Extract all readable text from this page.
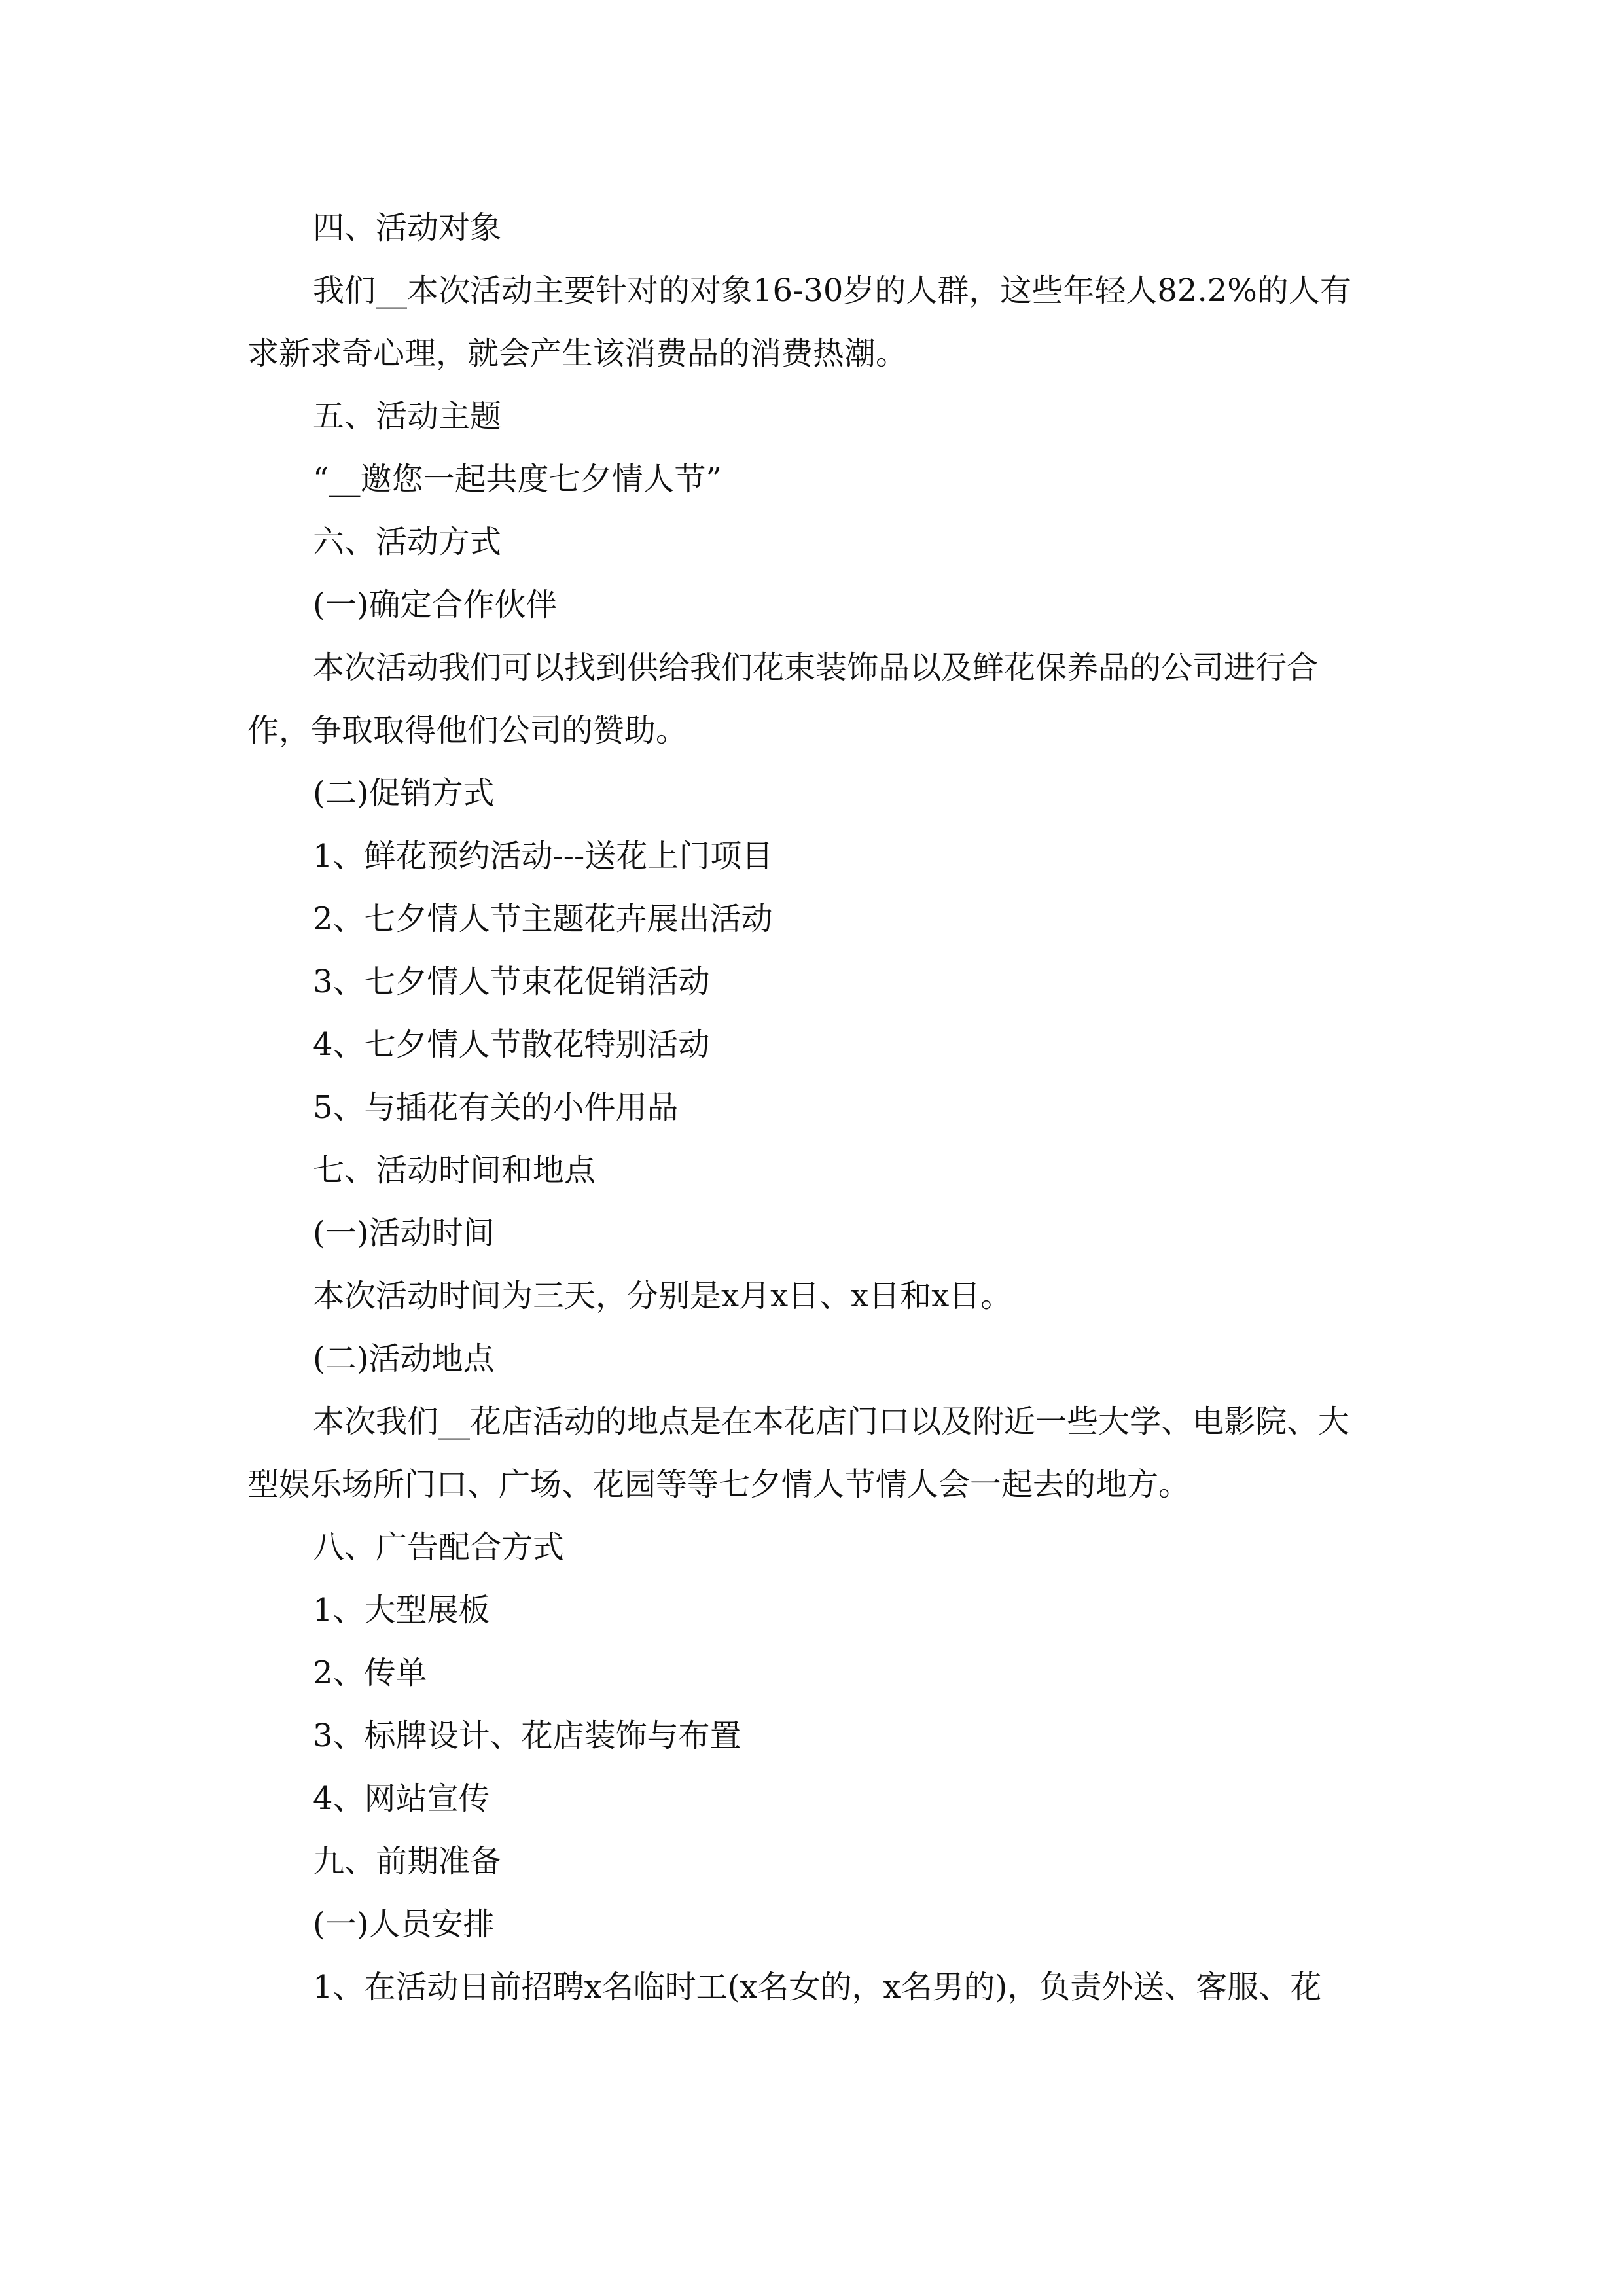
四、活动对象
我们__本次活动主要针对的对象16-30岁的人群，这些年轻人82.2%的人有
求新求奇心理，就会产生该消费品的消费热潮。
五、活动主题
“__邀您一起共度七夕情人节”
六、活动方式
(一)确定合作伙伴
本次活动我们可以找到供给我们花束装饰品以及鲜花保养品的公司进行合
作，争取取得他们公司的赞助。
(二)促销方式
1、鲜花预约活动---送花上门项目
2、七夕情人节主题花卉展出活动
3、七夕情人节束花促销活动
4、七夕情人节散花特别活动
5、与插花有关的小件用品
七、活动时间和地点
(一)活动时间
本次活动时间为三天，分别是x月x日、x日和x日。
(二)活动地点
本次我们__花店活动的地点是在本花店门口以及附近一些大学、电影院、大
型娱乐场所门口、广场、花园等等七夕情人节情人会一起去的地方。
八、广告配合方式
1、大型展板
2、传单
3、标牌设计、花店装饰与布置
4、网站宣传
九、前期准备
(一)人员安排
1、在活动日前招聘x名临时工(x名女的，x名男的)，负责外送、客服、花
